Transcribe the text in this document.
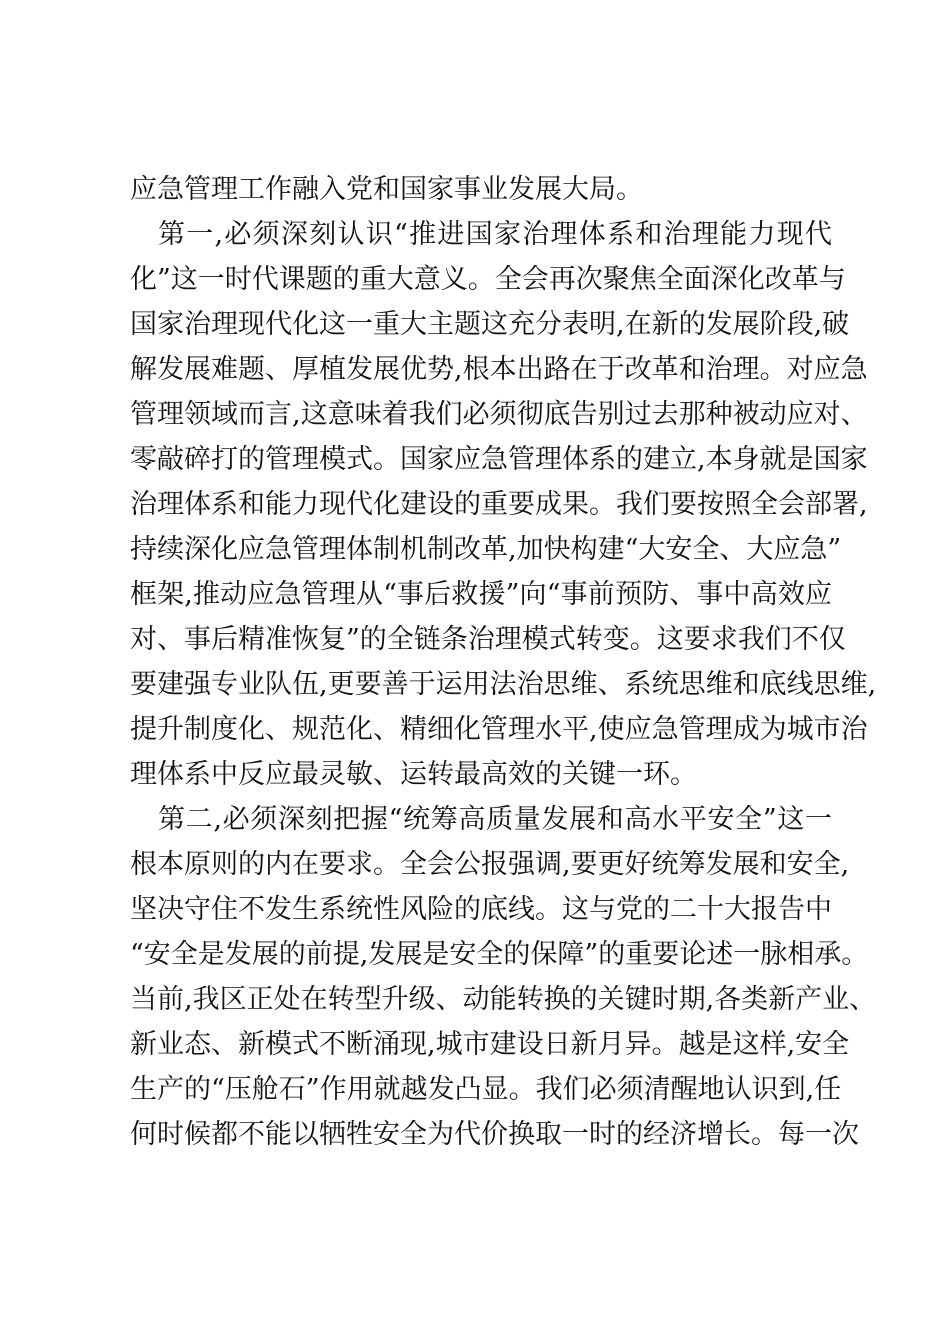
应急管理工作融入党和国家事业发展大局。
第一,必须深刻认识“推进国家治理体系和治理能力现代
化”这一时代课题的重大意义。全会再次聚焦全面深化改革与
国家治理现代化这一重大主题这充分表明,在新的发展阶段,破
解发展难题、厚植发展优势,根本出路在于改革和治理。对应急
管理领域而言,这意味着我们必须彻底告别过去那种被动应对、
零敲碎打的管理模式。国家应急管理体系的建立,本身就是国家
治理体系和能力现代化建设的重要成果。我们要按照全会部署,
持续深化应急管理体制机制改革,加快构建“大安全、大应急”
框架,推动应急管理从“事后救援”向“事前预防、事中高效应
对、事后精准恢复”的全链条治理模式转变。这要求我们不仅
要建强专业队伍,更要善于运用法治思维、系统思维和底线思维,
提升制度化、规范化、精细化管理水平,使应急管理成为城市治
理体系中反应最灵敏、运转最高效的关键一环。
第二,必须深刻把握“统筹高质量发展和高水平安全”这一
根本原则的内在要求。全会公报强调,要更好统筹发展和安全,
坚决守住不发生系统性风险的底线。这与党的二十大报告中
“安全是发展的前提,发展是安全的保障”的重要论述一脉相承。
当前,我区正处在转型升级、动能转换的关键时期,各类新产业、
新业态、新模式不断涌现,城市建设日新月异。越是这样,安全
生产的“压舱石”作用就越发凸显。我们必须清醒地认识到,任
何时候都不能以牺牲安全为代价换取一时的经济增长。每一次
